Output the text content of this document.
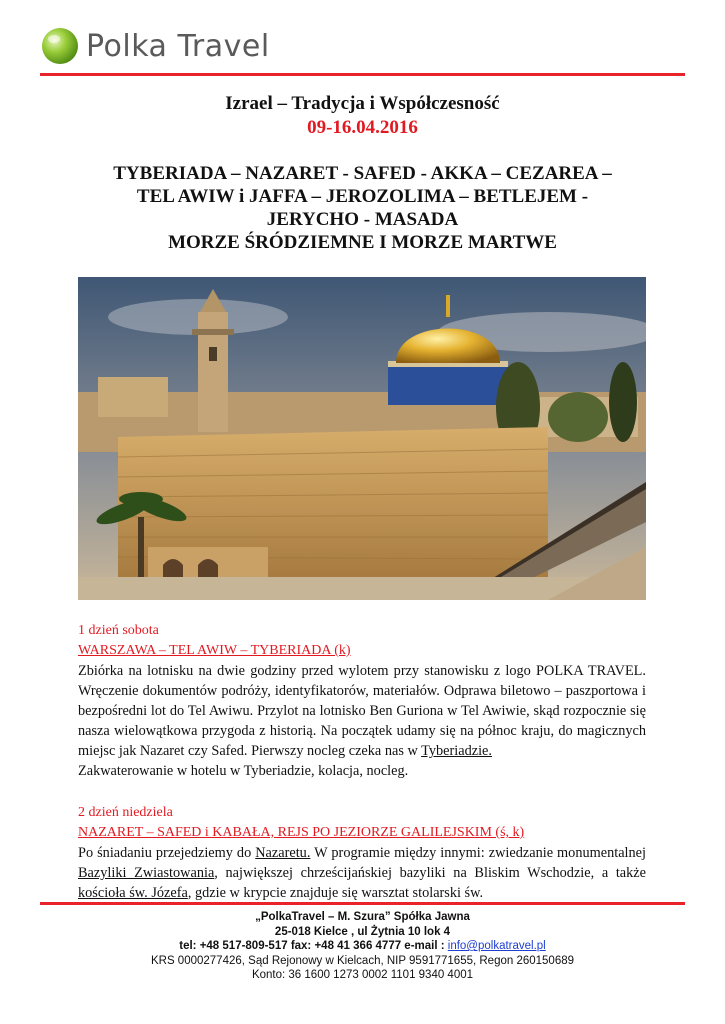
Polka Travel
Izrael – Tradycja i Współczesność
09-16.04.2016
TYBERIADA – NAZARET - SAFED - AKKA – CEZAREA –
TEL AWIW i JAFFA – JEROZOLIMA – BETLEJEM -
JERYCHO - MASADA
MORZE ŚRÓDZIEMNE I MORZE MARTWE
1 dzień sobota
WARSZAWA – TEL AWIW – TYBERIADA (k)
Zbiórka na lotnisku na dwie godziny przed wylotem przy stanowisku z logo POLKA TRAVEL. Wręczenie dokumentów podróży, identyfikatorów, materiałów. Odprawa biletowo – paszportowa i bezpośredni lot do Tel Awiwu. Przylot na lotnisko Ben Guriona w Tel Awiwie, skąd rozpocznie się nasza wielowątkowa przygoda z historią. Na początek udamy się na północ kraju, do magicznych miejsc jak Nazaret czy Safed. Pierwszy nocleg czeka nas w Tyberiadzie.
Zakwaterowanie w hotelu w Tyberiadzie, kolacja, nocleg.
2 dzień niedziela
NAZARET – SAFED i KABAŁA, REJS PO JEZIORZE GALILEJSKIM (ś, k)
Po śniadaniu przejedziemy do Nazaretu. W programie między innymi: zwiedzanie monumentalnej Bazyliki Zwiastowania, największej chrześcijańskiej bazyliki na Bliskim Wschodzie, a także kościoła św. Józefa, gdzie w krypcie znajduje się warsztat stolarski św.
„PolkaTravel – M. Szura” Spółka Jawna
25-018 Kielce , ul Żytnia 10 lok 4
tel: +48 517-809-517 fax: +48 41 366 4777 e-mail : info@polkatravel.pl
KRS 0000277426, Sąd Rejonowy w Kielcach, NIP 9591771655, Regon 260150689
Konto: 36 1600 1273 0002 1101 9340 4001
